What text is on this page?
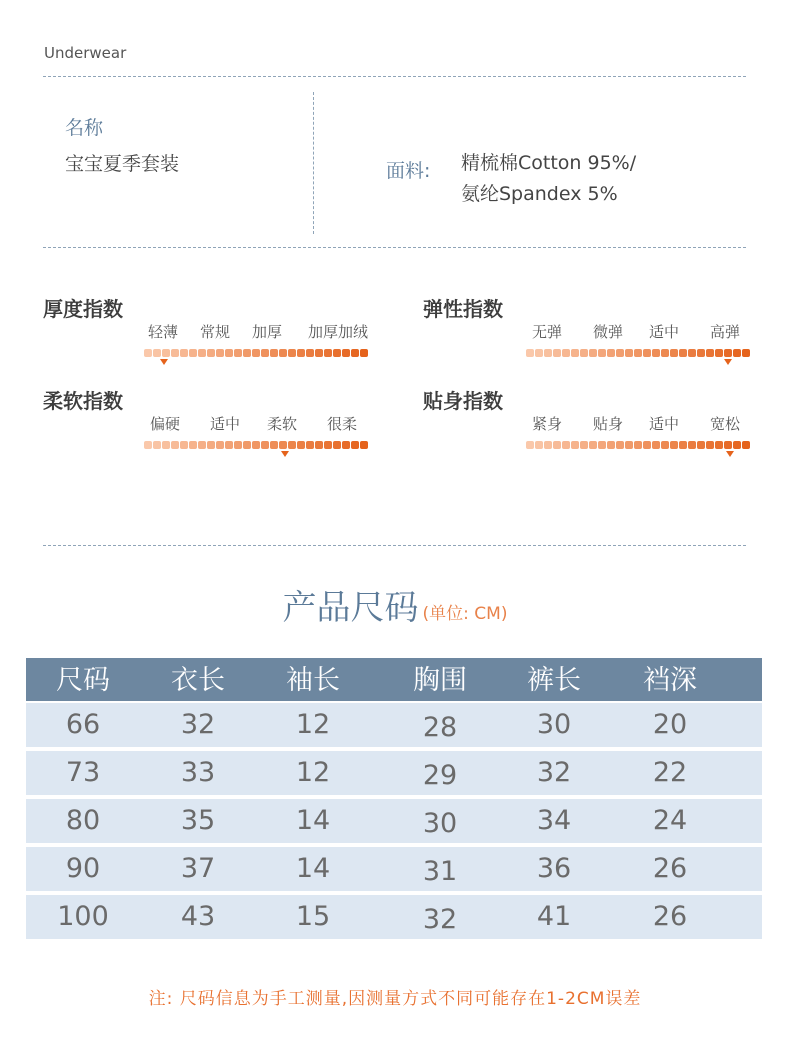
Underwear
名称
宝宝夏季套装	面料: 精梳棉Cotton 95%/
氨纶Spandex 5%
厚度指数
轻薄 常规 加厚 加厚加绒
弹性指数
无弹 微弹 适中 高弹
柔软指数
偏硬 适中 柔软 很柔
贴身指数
紧身 贴身 适中 宽松
产品尺码 (单位: CM)
尺码	衣长	袖长	胸围	裤长	裆深
66	32	12	28	30	20
73	33	12	29	32	22
80	35	14	30	34	24
90	37	14	31	36	26
100	43	15	32	41	26
注: 尺码信息为手工测量,因测量方式不同可能存在1-2CM误差
